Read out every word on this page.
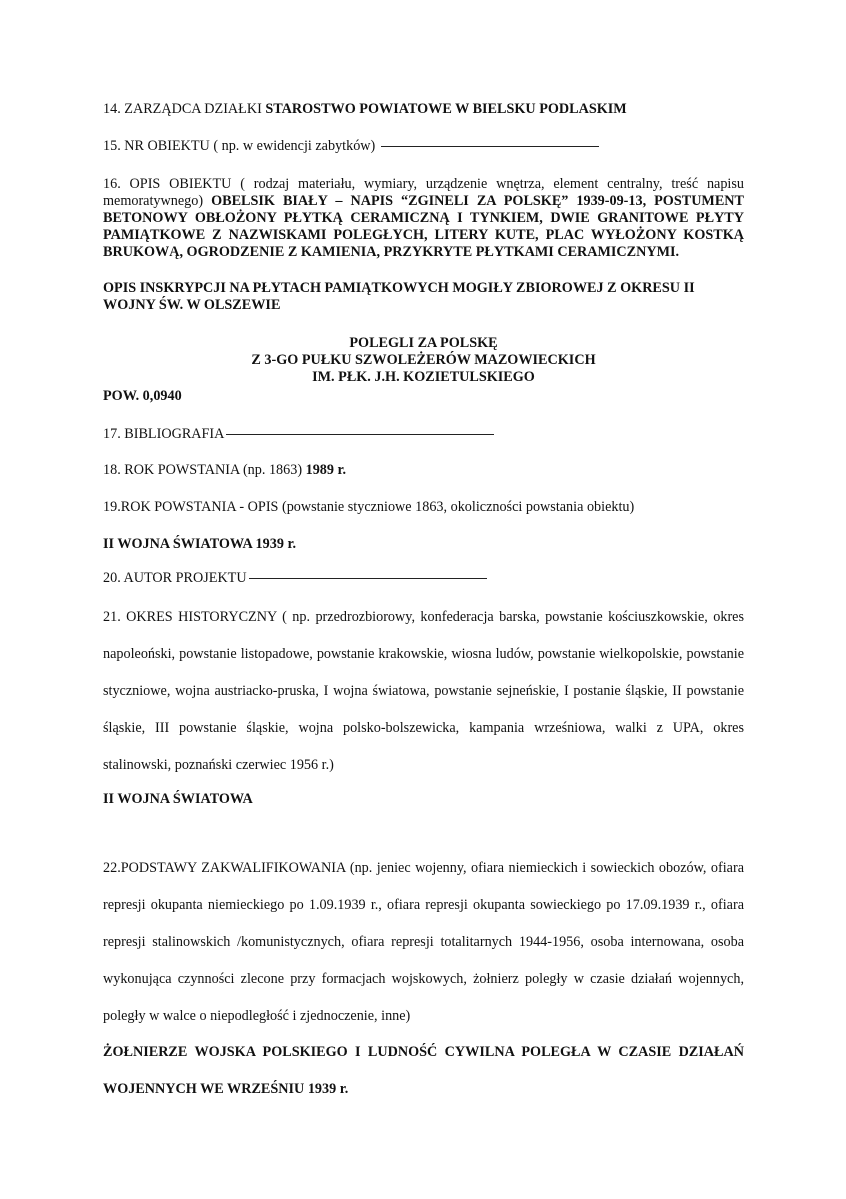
14. ZARZĄDCA DZIAŁKI STAROSTWO POWIATOWE W BIELSKU PODLASKIM
15. NR OBIEKTU ( np. w ewidencji zabytków)
16. OPIS OBIEKTU ( rodzaj materiału, wymiary, urządzenie wnętrza, element centralny, treść napisu memoratywnego) OBELSIK BIAŁY – NAPIS “ZGINELI ZA POLSKĘ” 1939-09-13, POSTUMENT BETONOWY OBŁOŻONY PŁYTKĄ CERAMICZNĄ I TYNKIEM, DWIE GRANITOWE PŁYTY PAMIĄTKOWE Z NAZWISKAMI POLEGŁYCH, LITERY KUTE, PLAC WYŁOŻONY KOSTKĄ BRUKOWĄ, OGRODZENIE Z KAMIENIA, PRZYKRYTE PŁYTKAMI CERAMICZNYMI.
OPIS INSKRYPCJI NA PŁYTACH PAMIĄTKOWYCH MOGIŁY ZBIOROWEJ Z OKRESU II WOJNY ŚW. W OLSZEWIE
POLEGLI ZA POLSKĘ
Z 3-GO PUŁKU SZWOLEŻERÓW MAZOWIECKICH
IM. PŁK. J.H. KOZIETULSKIEGO
POW. 0,0940
17. BIBLIOGRAFIA
18. ROK POWSTANIA (np. 1863) 1989 r.
19.ROK POWSTANIA - OPIS (powstanie styczniowe 1863, okoliczności powstania obiektu)
II WOJNA ŚWIATOWA 1939 r.
20. AUTOR PROJEKTU
21. OKRES HISTORYCZNY ( np. przedrozbiorowy, konfederacja barska, powstanie kościuszkowskie, okres napoleoński, powstanie listopadowe, powstanie krakowskie, wiosna ludów, powstanie wielkopolskie, powstanie styczniowe, wojna austriacko-pruska, I wojna światowa, powstanie sejneńskie, I postanie śląskie, II powstanie śląskie, III powstanie śląskie, wojna polsko-bolszewicka, kampania wrześniowa, walki z UPA, okres stalinowski, poznański czerwiec 1956 r.)
II WOJNA ŚWIATOWA
22.PODSTAWY ZAKWALIFIKOWANIA (np. jeniec wojenny, ofiara niemieckich i sowieckich obozów, ofiara represji okupanta niemieckiego po 1.09.1939 r., ofiara represji okupanta sowieckiego po 17.09.1939 r., ofiara represji stalinowskich /komunistycznych, ofiara represji totalitarnych 1944-1956, osoba internowana, osoba wykonująca czynności zlecone przy formacjach wojskowych, żołnierz poległy w czasie działań wojennych, poległy w walce o niepodległość i zjednoczenie, inne)
ŻOŁNIERZE WOJSKA POLSKIEGO I LUDNOŚĆ CYWILNA POLEGŁA W CZASIE DZIAŁAŃ WOJENNYCH WE WRZEŚNIU 1939 r.
